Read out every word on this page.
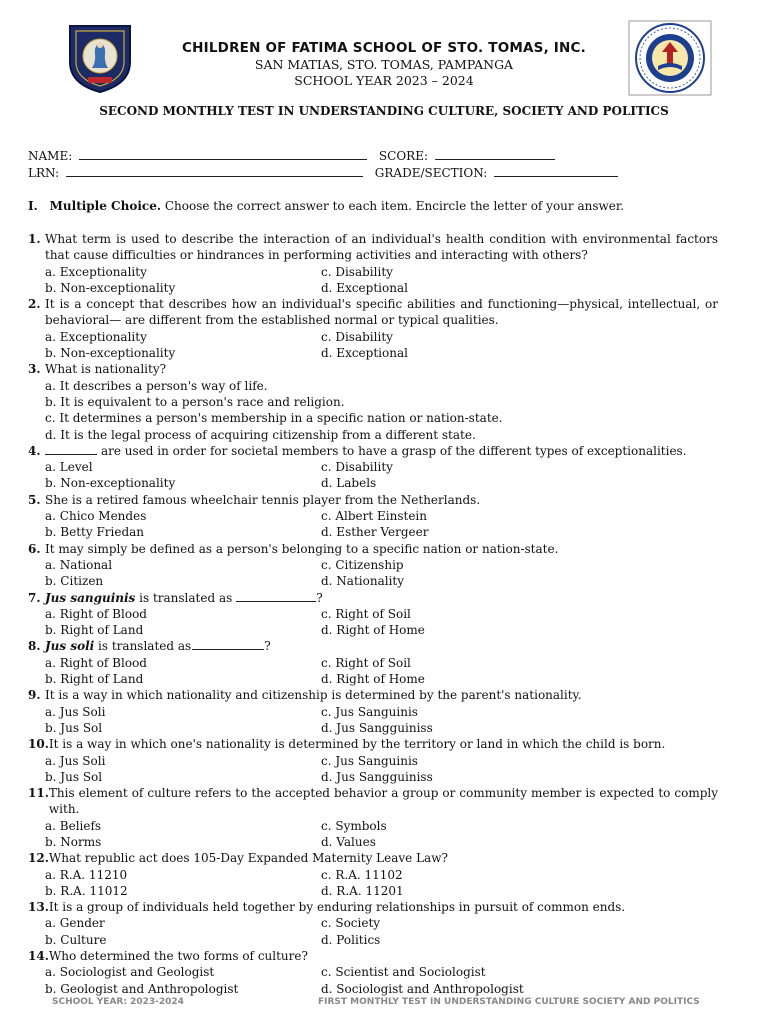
CHILDREN OF FATIMA SCHOOL OF STO. TOMAS, INC.
SAN MATIAS, STO. TOMAS, PAMPANGA
SCHOOL YEAR 2023 – 2024
SECOND MONTHLY TEST IN UNDERSTANDING CULTURE, SOCIETY AND POLITICS
NAME:	SCORE:
LRN:	GRADE/SECTION:
I. Multiple Choice. Choose the correct answer to each item. Encircle the letter of your answer.
1. What term is used to describe the interaction of an individual's health condition with environmental factors that cause difficulties or hindrances in performing activities and interacting with others?
a. Exceptionality	c. Disability
b. Non-exceptionality	d. Exceptional
2. It is a concept that describes how an individual's specific abilities and functioning—physical, intellectual, or behavioral— are different from the established normal or typical qualities.
a. Exceptionality	c. Disability
b. Non-exceptionality	d. Exceptional
3. What is nationality?
a. It describes a person's way of life.
b. It is equivalent to a person's race and religion.
c. It determines a person's membership in a specific nation or nation-state.
d. It is the legal process of acquiring citizenship from a different state.
4.	are used in order for societal members to have a grasp of the different types of exceptionalities.
a. Level	c. Disability
b. Non-exceptionality	d. Labels
5. She is a retired famous wheelchair tennis player from the Netherlands.
a. Chico Mendes	c. Albert Einstein
b. Betty Friedan	d. Esther Vergeer
6. It may simply be defined as a person's belonging to a specific nation or nation-state.
a. National	c. Citizenship
b. Citizen	d. Nationality
7. Jus sanguinis is translated as	?
a. Right of Blood	c. Right of Soil
b. Right of Land	d. Right of Home
8. Jus soli is translated as	?
a. Right of Blood	c. Right of Soil
b. Right of Land	d. Right of Home
9. It is a way in which nationality and citizenship is determined by the parent's nationality.
a. Jus Soli	c. Jus Sanguinis
b. Jus Sol	d. Jus Sangguiniss
10. It is a way in which one's nationality is determined by the territory or land in which the child is born.
a. Jus Soli	c. Jus Sanguinis
b. Jus Sol	d. Jus Sangguiniss
11. This element of culture refers to the accepted behavior a group or community member is expected to comply with.
a. Beliefs	c. Symbols
b. Norms	d. Values
12. What republic act does 105-Day Expanded Maternity Leave Law?
a. R.A. 11210	c. R.A. 11102
b. R.A. 11012	d. R.A. 11201
13. It is a group of individuals held together by enduring relationships in pursuit of common ends.
a. Gender	c. Society
b. Culture	d. Politics
14. Who determined the two forms of culture?
a. Sociologist and Geologist	c. Scientist and Sociologist
b. Geologist and Anthropologist	d. Sociologist and Anthropologist
SCHOOL YEAR: 2023-2024	FIRST MONTHLY TEST IN UNDERSTANDING CULTURE SOCIETY AND POLITICS
